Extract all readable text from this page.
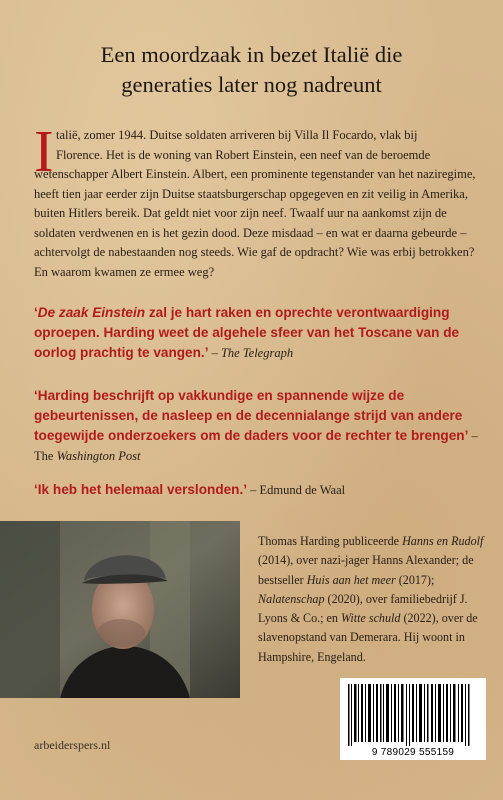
Een moordzaak in bezet Italië die
generaties later nog nadreunt
I talië, zomer 1944. Duitse soldaten arriveren bij Villa Il Focardo, vlak bij
Florence. Het is de woning van Robert Einstein, een neef van de beroemde
wetenschapper Albert Einstein. Albert, een prominente tegenstander van het naziregime, heeft tien jaar eerder zijn Duitse staatsburgerschap opgegeven en zit veilig in Amerika, buiten Hitlers bereik. Dat geldt niet voor zijn neef. Twaalf uur na aankomst zijn de soldaten verdwenen en is het gezin dood. Deze misdaad – en wat er daarna gebeurde – achtervolgt de nabestaanden nog steeds. Wie gaf de opdracht? Wie was erbij betrokken? En waarom kwamen ze ermee weg?
‘De zaak Einstein zal je hart raken en oprechte verontwaardiging oproepen. Harding weet de algehele sfeer van het Toscane van de oorlog prachtig te vangen.’ – The Telegraph
‘Harding beschrijft op vakkundige en spannende wijze de gebeurtenissen, de nasleep en de decennialange strijd van andere toegewijde onderzoekers om de daders voor de rechter te brengen’ – The Washington Post
‘Ik heb het helemaal verslonden.’ – Edmund de Waal
Thomas Harding publiceerde Hanns en Rudolf (2014), over nazi-jager Hanns Alexander; de bestseller Huis aan het meer (2017); Nalatenschap (2020), over familiebedrijf J. Lyons & Co.; en Witte schuld (2022), over de slavenopstand van Demerara. Hij woont in Hampshire, Engeland.
9 789029 555159
arbeiderspers.nl
